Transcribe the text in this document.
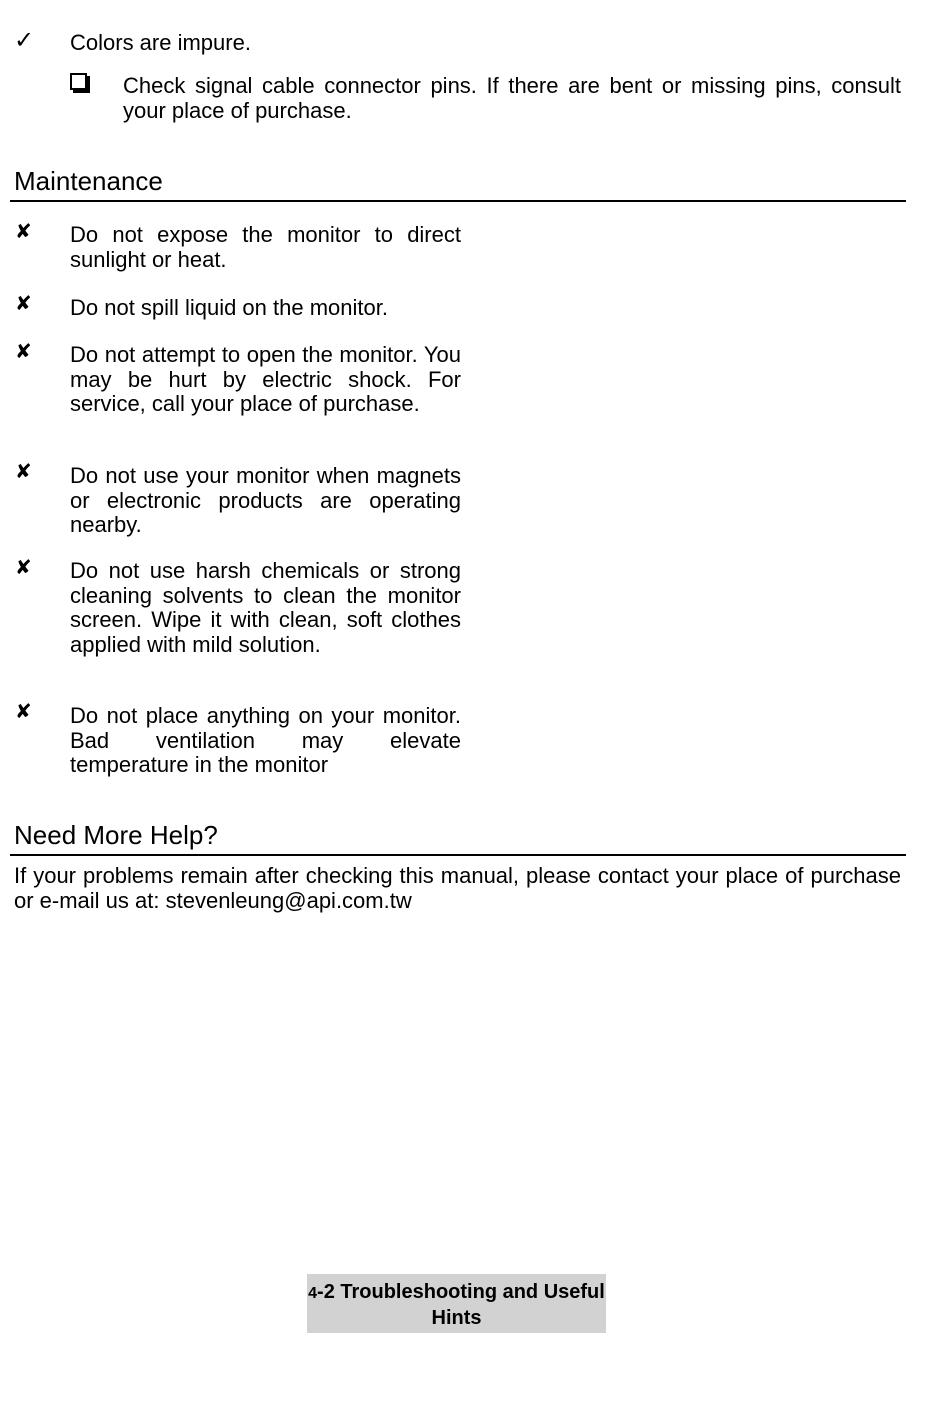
✓ Colors are impure.
Check signal cable connector pins. If there are bent or missing pins, consult your place of purchase.
Maintenance
✘ Do not expose the monitor to direct sunlight or heat.
✘ Do not spill liquid on the monitor.
✘ Do not attempt to open the monitor. You may be hurt by electric shock. For service, call your place of purchase.
✘ Do not use your monitor when magnets or electronic products are operating nearby.
✘ Do not use harsh chemicals or strong cleaning solvents to clean the monitor screen. Wipe it with clean, soft clothes applied with mild solution.
✘ Do not place anything on your monitor. Bad ventilation may elevate temperature in the monitor
Need More Help?
If your problems remain after checking this manual, please contact your place of purchase or e-mail us at: stevenleung@api.com.tw
4-2 Troubleshooting and Useful Hints
